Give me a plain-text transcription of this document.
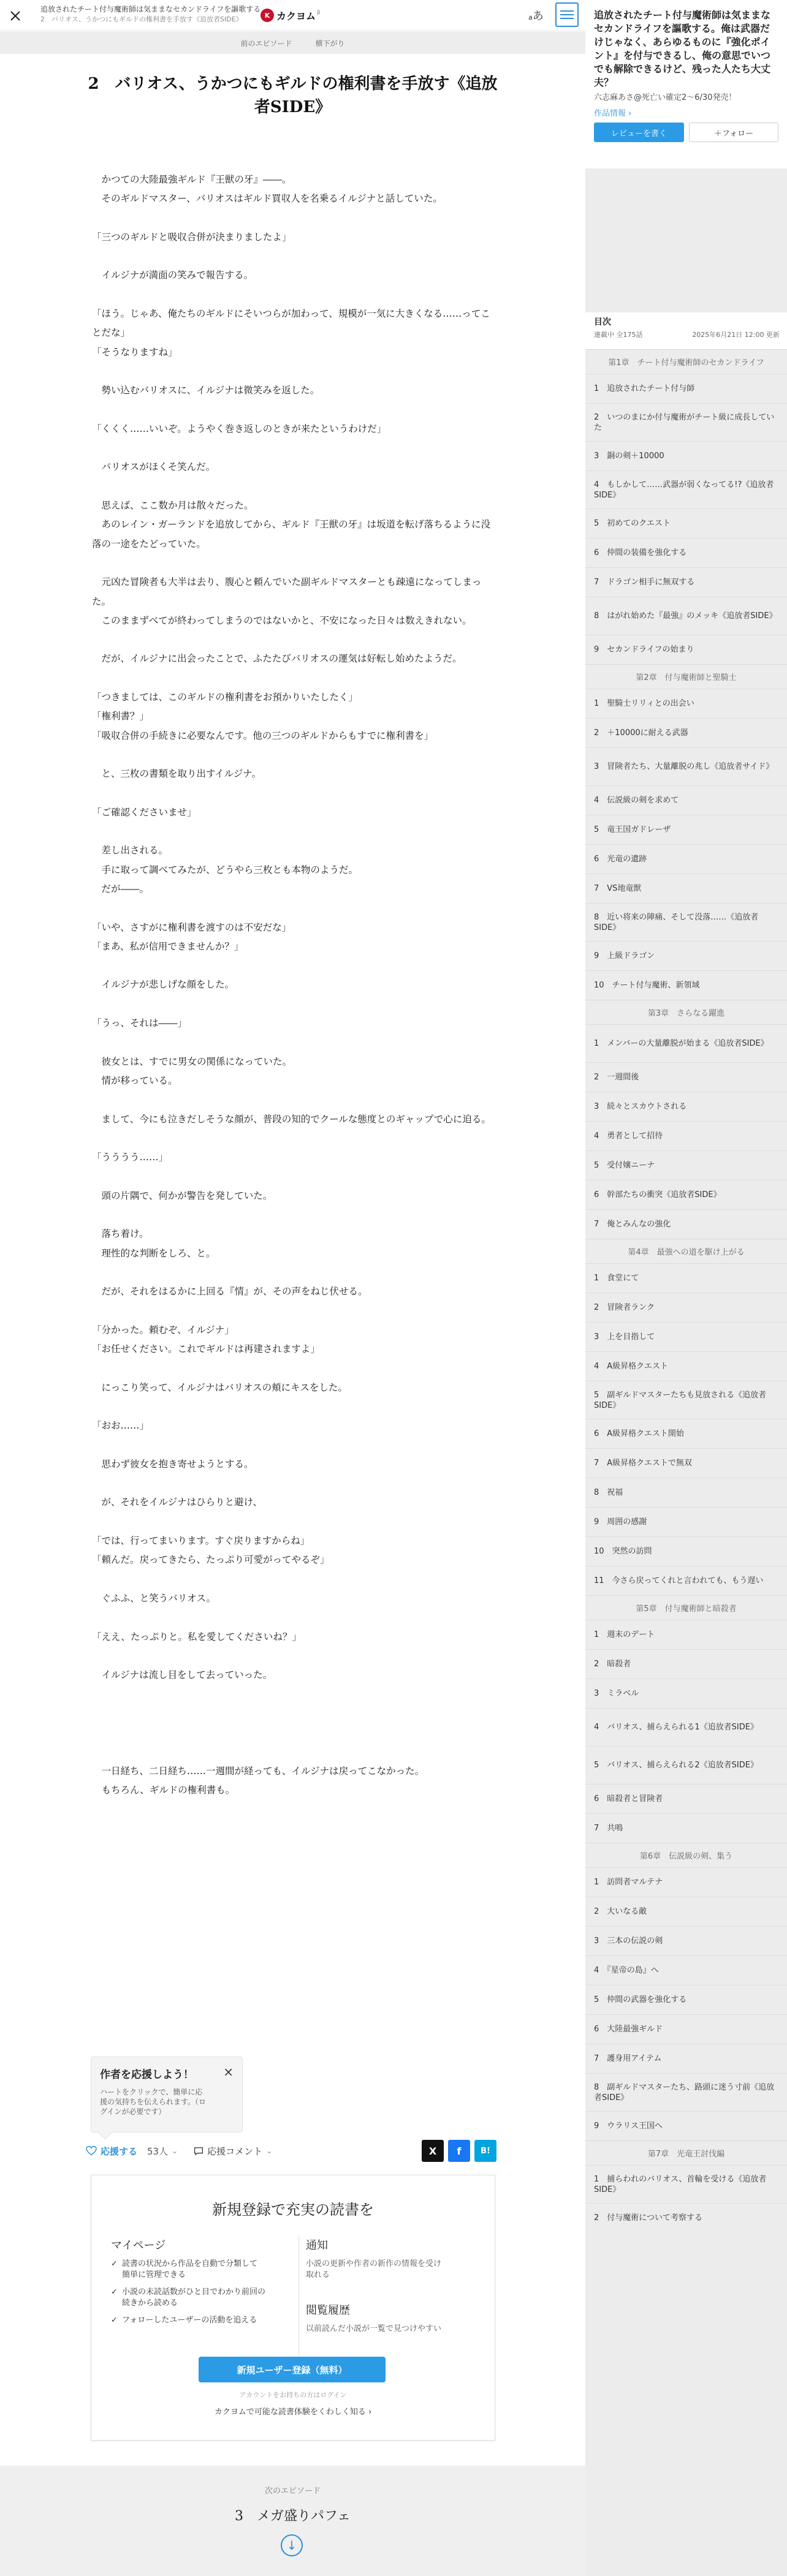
追放されたチート付与魔術師は気ままなセカンドライフを謳歌する
2　バリオス、うかつにもギルドの権利書を手放す《追放者SIDE》	K カクヨム β
aあ
前のエピソード	横下がり
2　バリオス、うかつにもギルドの権利書を手放す《追放者SIDE》
　かつての大陸最強ギルド『王獣の牙』――。
　そのギルドマスター、バリオスはギルド買収人を名乗るイルジナと話していた。
「三つのギルドと吸収合併が決まりましたよ」
　イルジナが満面の笑みで報告する。
「ほう。じゃあ、俺たちのギルドにそいつらが加わって、規模が一気に大きくなる……ってことだな」
「そうなりますね」
　勢い込むバリオスに、イルジナは微笑みを返した。
「くくく……いいぞ。ようやく巻き返しのときが来たというわけだ」
　バリオスがほくそ笑んだ。
　思えば、ここ数か月は散々だった。
　あのレイン・ガーランドを追放してから、ギルド『王獣の牙』は坂道を転げ落ちるように没落の一途をたどっていた。
　元凶た冒険者も大半は去り、腹心と頼んでいた副ギルドマスターとも疎遠になってしまった。
　このままずべてが終わってしまうのではないかと、不安になった日々は数えきれない。
　だが、イルジナに出会ったことで、ふたたびバリオスの運気は好転し始めたようだ。
「つきましては、このギルドの権利書をお預かりいたしたく」
「権利書？」
「吸収合併の手続きに必要なんです。他の三つのギルドからもすでに権利書を」
　と、三枚の書類を取り出すイルジナ。
「ご確認くださいませ」
　差し出される。
　手に取って調べてみたが、どうやら三枚とも本物のようだ。
　だが――。
「いや、さすがに権利書を渡すのは不安だな」
「まあ、私が信用できませんか？」
　イルジナが悲しげな顔をした。
「うっ、それは――」
　彼女とは、すでに男女の関係になっていた。
　情が移っている。
　まして、今にも泣きだしそうな顔が、普段の知的でクールな態度とのギャップで心に迫る。
「うううう……」
　頭の片隅で、何かが警告を発していた。
　落ち着け。
　理性的な判断をしろ、と。
　だが、それをはるかに上回る『情』が、その声をねじ伏せる。
「分かった。頼むぞ、イルジナ」
「お任せください。これでギルドは再建されますよ」
　にっこり笑って、イルジナはバリオスの頬にキスをした。
「おお……」
　思わず彼女を抱き寄せようとする。
　が、それをイルジナはひらりと避け、
「では、行ってまいります。すぐ戻りますからね」
「頼んだ。戻ってきたら、たっぷり可愛がってやるぞ」
　ぐふふ、と笑うバリオス。
「ええ、たっぷりと。私を愛してくださいね？」
　イルジナは流し目をして去っていった。
　一日経ち、二日経ち……一週間が経っても、イルジナは戻ってこなかった。
　もちろん、ギルドの権利書も。
作者を応援しよう！	×
ハートをクリックで、簡単に応
援の気持ちを伝えられます。（ロ
グインが必要です）
応援する 53人 ⌄	応援コメント ⌄	X	f	B!
新規登録で充実の読書を
マイページ
✓ 読書の状況から作品を自動で分類して
簡単に管理できる
✓ 小説の未読話数がひと目でわかり前回の
続きから読める
✓ フォローしたユーザーの活動を追える
通知
小説の更新や作者の新作の情報を受け
取れる
閲覧履歴
以前読んだ小説が一覧で見つけやすい
新規ユーザー登録（無料）
アカウントをお持ちの方はログイン
カクヨムで可能な読書体験をくわしく知る ›
次のエピソード
3　メガ盛りパフェ
↓
追放されたチート付与魔術師は気ままなセカンドライフを謳歌する。俺は武器だけじゃなく、あらゆるものに『強化ポイント』を付与できるし、俺の意思でいつでも解除できるけど、残った人たち大丈夫？
六志麻あさ@死亡い確定2～6/30発売！
作品情報 ›
レビューを書く	＋フォロー
目次
連載中 全175話	2025年6月21日 12:00 更新
第1章　チート付与魔術師のセカンドライフ
1　追放されたチート付与師
2　いつのまにか付与魔術がチート級に成長していた
3　銅の剣＋10000
4　もしかして……武器が弱くなってる!?《追放者SIDE》
5　初めてのクエスト
6　仲間の装備を強化する
7　ドラゴン相手に無双する
8　はがれ始めた『最強』のメッキ《追放者SIDE》
9　セカンドライフの始まり
第2章　付与魔術師と聖騎士
1　聖騎士リリィとの出会い
2　＋10000に耐える武器
3　冒険者たち、大量離脱の兆し《追放者サイド》
4　伝説級の剣を求めて
5　竜王国ガドレーザ
6　光竜の遺跡
7　VS地竜獣
8　近い将来の陣痛、そして没落……《追放者SIDE》
9　上級ドラゴン
10　チート付与魔術、新領域
第3章　さらなる躍進
1　メンバーの大量離脱が始まる《追放者SIDE》
2　一週間後
3　続々とスカウトされる
4　勇者として招待
5　受付嬢ニーナ
6　幹部たちの衝突《追放者SIDE》
7　俺とみんなの強化
第4章　最強への道を駆け上がる
1　食堂にて
2　冒険者ランク
3　上を目指して
4　A級昇格クエスト
5　副ギルドマスターたちも見放される《追放者SIDE》
6　A級昇格クエスト開始
7　A級昇格クエストで無双
8　祝福
9　周囲の感謝
10　突然の訪問
11　今さら戻ってくれと言われても、もう遅い
第5章　付与魔術師と暗殺者
1　週末のデート
2　暗殺者
3　ミラベル
4　バリオス、捕らえられる1《追放者SIDE》
5　バリオス、捕らえられる2《追放者SIDE》
6　暗殺者と冒険者
7　共鳴
第6章　伝説級の剣、集う
1　訪問者マルテナ
2　大いなる敵
3　三本の伝説の剣
4　『星帝の島』へ
5　仲間の武器を強化する
6　大陸最強ギルド
7　護身用アイテム
8　副ギルドマスターたち、路頭に迷う寸前《追放者SIDE》
9　ウラリス王国へ
第7章　光竜王討伐編
1　捕らわれのバリオス、首輪を受ける《追放者SIDE》
2　付与魔術について考察する
